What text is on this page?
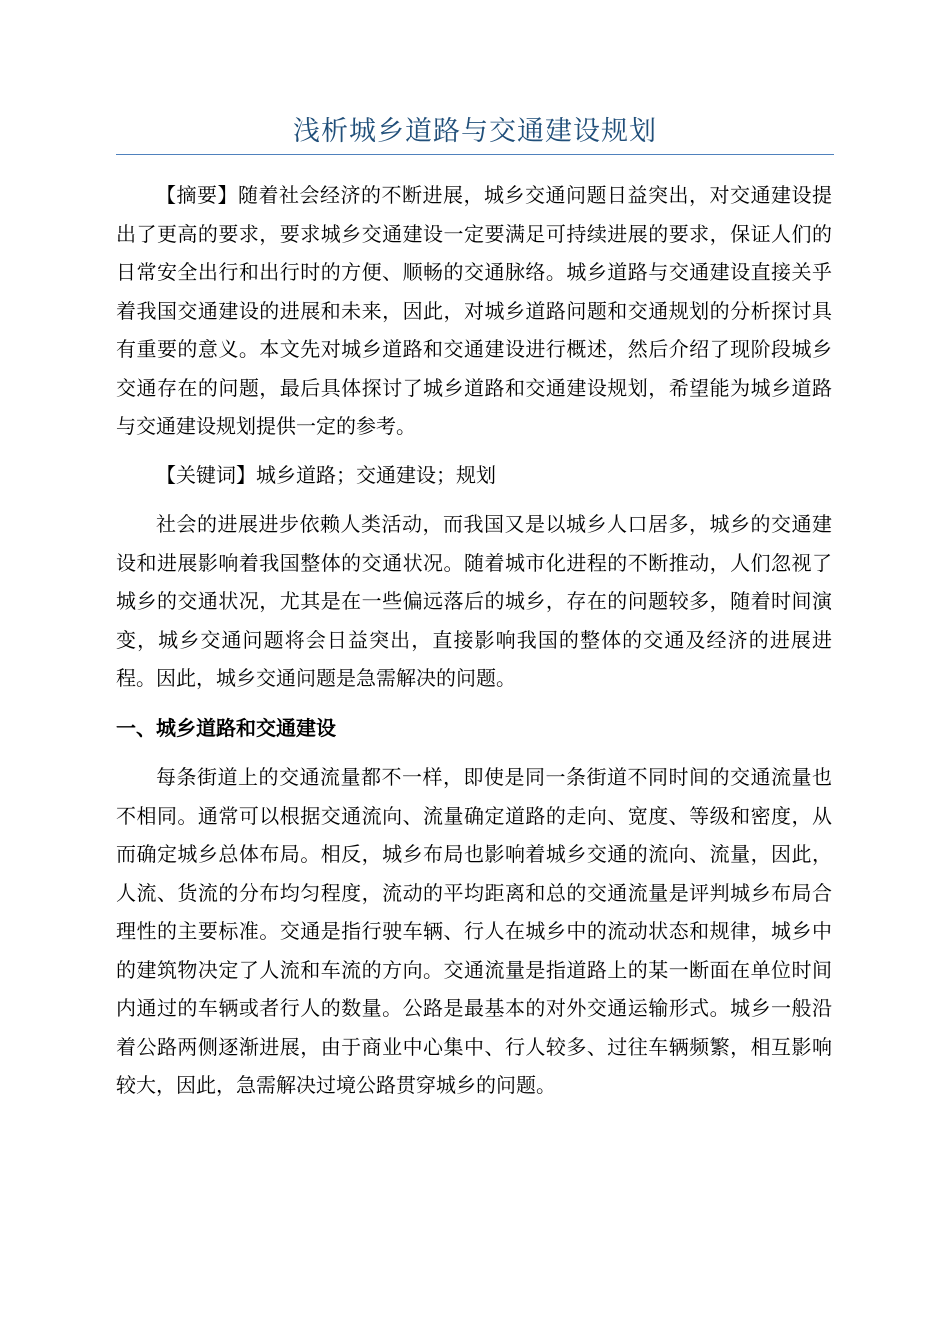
浅析城乡道路与交通建设规划

【摘要】随着社会经济的不断进展，城乡交通问题日益突出，对交通建设提出了更高的要求，要求城乡交通建设一定要满足可持续进展的要求，保证人们的日常安全出行和出行时的方便、顺畅的交通脉络。城乡道路与交通建设直接关乎着我国交通建设的进展和未来，因此，对城乡道路问题和交通规划的分析探讨具有重要的意义。本文先对城乡道路和交通建设进行概述，然后介绍了现阶段城乡交通存在的问题，最后具体探讨了城乡道路和交通建设规划，希望能为城乡道路与交通建设规划提供一定的参考。

【关键词】城乡道路；交通建设；规划

社会的进展进步依赖人类活动，而我国又是以城乡人口居多，城乡的交通建设和进展影响着我国整体的交通状况。随着城市化进程的不断推动，人们忽视了城乡的交通状况，尤其是在一些偏远落后的城乡，存在的问题较多，随着时间演变，城乡交通问题将会日益突出，直接影响我国的整体的交通及经济的进展进程。因此，城乡交通问题是急需解决的问题。

一、城乡道路和交通建设

每条街道上的交通流量都不一样，即使是同一条街道不同时间的交通流量也不相同。通常可以根据交通流向、流量确定道路的走向、宽度、等级和密度，从而确定城乡总体布局。相反，城乡布局也影响着城乡交通的流向、流量，因此，人流、货流的分布均匀程度，流动的平均距离和总的交通流量是评判城乡布局合理性的主要标准。交通是指行驶车辆、行人在城乡中的流动状态和规律，城乡中的建筑物决定了人流和车流的方向。交通流量是指道路上的某一断面在单位时间内通过的车辆或者行人的数量。公路是最基本的对外交通运输形式。城乡一般沿着公路两侧逐渐进展，由于商业中心集中、行人较多、过往车辆频繁，相互影响较大，因此，急需解决过境公路贯穿城乡的问题。
